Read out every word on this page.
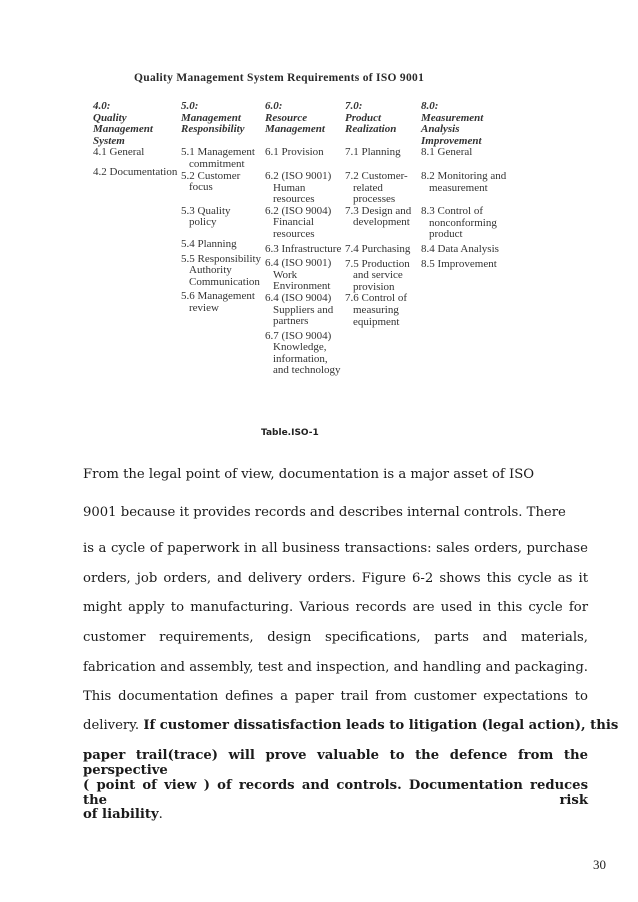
Quality Management System Requirements of ISO 9001
4.0:
Quality
Management
System
4.1 General
4.2 Documentation
5.0:
Management
Responsibility

5.1 Management
commitment
5.2 Customer
focus
5.3 Quality
policy
5.4 Planning
5.5 Responsibility
Authority
Communication
5.6 Management
review
6.0:
Resource
Management

6.1 Provision
6.2 (ISO 9001)
Human
resources
6.2 (ISO 9004)
Financial
resources
6.3 Infrastructure
6.4 (ISO 9001)
Work
Environment
6.4 (ISO 9004)
Suppliers and
partners
6.7 (ISO 9004)
Knowledge,
information,
and technology
7.0:
Product
Realization

7.1 Planning
7.2 Customer-
related
processes
7.3 Design and
development
7.4 Purchasing
7.5 Production
and service
provision
7.6 Control of
measuring
equipment
8.0:
Measurement
Analysis
Improvement
8.1 General
8.2 Monitoring and
measurement
8.3 Control of
nonconforming
product
8.4 Data Analysis
8.5 Improvement
Table.ISO-1
From the legal point of view, documentation is a major asset of ISO
9001 because it provides records and describes internal controls. There
is a cycle of paperwork in all business transactions: sales orders, purchase
orders, job orders, and delivery orders. Figure 6-2 shows this cycle as it
might apply to manufacturing. Various records are used in this cycle for
customer requirements, design specifications, parts and materials,
fabrication and assembly, test and inspection, and handling and packaging.
This documentation defines a paper trail from customer expectations to
delivery. If customer dissatisfaction leads to litigation (legal action), this
paper trail(trace) will prove valuable to the defence from the perspective
( point of view ) of records and controls. Documentation reduces the risk
of liability.
30
